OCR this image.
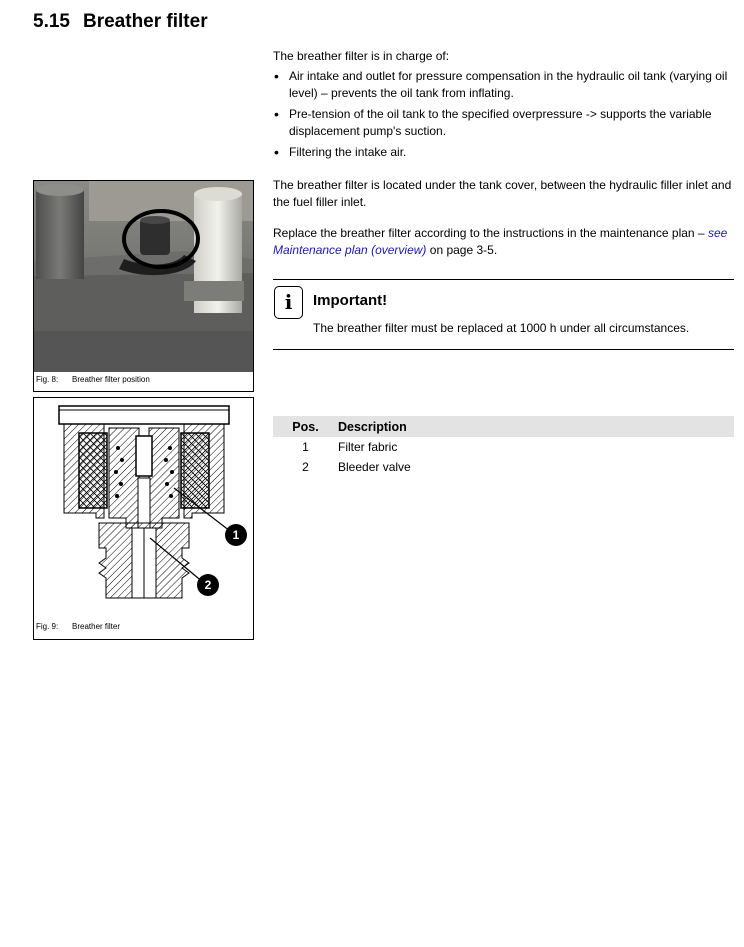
5.15 Breather filter
The breather filter is in charge of:
• Air intake and outlet for pressure compensation in the hydraulic oil tank (varying oil level) – prevents the oil tank from inflating.
• Pre-tension of the oil tank to the specified overpressure -> supports the variable displacement pump's suction.
• Filtering the intake air.
The breather filter is located under the tank cover, between the hydraulic filler inlet and the fuel filler inlet.
Replace the breather filter according to the instructions in the maintenance plan – see Maintenance plan (overview) on page 3-5.
i	Important!
The breather filter must be replaced at 1000 h under all circumstances.
Fig. 8: Breather filter position
1
2
Fig. 9: Breather filter
Pos.	Description
1	Filter fabric
2	Bleeder valve
